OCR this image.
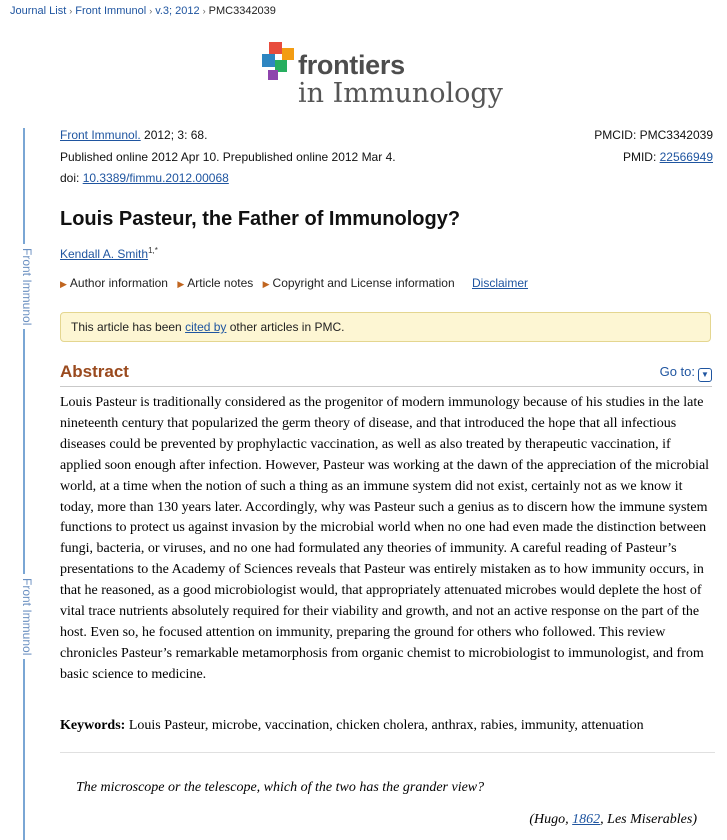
Journal List › Front Immunol › v.3; 2012 › PMC3342039
frontiers
in Immunology
Front Immunol
Front Immunol
Front Immunol. 2012; 3: 68.
Published online 2012 Apr 10. Prepublished online 2012 Mar 4.
doi: 10.3389/fimmu.2012.00068
PMCID: PMC3342039
PMID: 22566949
Louis Pasteur, the Father of Immunology?
Kendall A. Smith$^{1,*}$
▶ Author information ▶ Article notes ▶ Copyright and License information Disclaimer
This article has been cited by other articles in PMC.
Abstract	Go to: ▼
Louis Pasteur is traditionally considered as the progenitor of modern immunology because of his studies in the late nineteenth century that popularized the germ theory of disease, and that introduced the hope that all infectious diseases could be prevented by prophylactic vaccination, as well as also treated by therapeutic vaccination, if applied soon enough after infection. However, Pasteur was working at the dawn of the appreciation of the microbial world, at a time when the notion of such a thing as an immune system did not exist, certainly not as we know it today, more than 130 years later. Accordingly, why was Pasteur such a genius as to discern how the immune system functions to protect us against invasion by the microbial world when no one had even made the distinction between fungi, bacteria, or viruses, and no one had formulated any theories of immunity. A careful reading of Pasteur’s presentations to the Academy of Sciences reveals that Pasteur was entirely mistaken as to how immunity occurs, in that he reasoned, as a good microbiologist would, that appropriately attenuated microbes would deplete the host of vital trace nutrients absolutely required for their viability and growth, and not an active response on the part of the host. Even so, he focused attention on immunity, preparing the ground for others who followed. This review chronicles Pasteur’s remarkable metamorphosis from organic chemist to microbiologist to immunologist, and from basic science to medicine.
Keywords: Louis Pasteur, microbe, vaccination, chicken cholera, anthrax, rabies, immunity, attenuation
The microscope or the telescope, which of the two has the grander view?
(Hugo, 1862, Les Miserables)
